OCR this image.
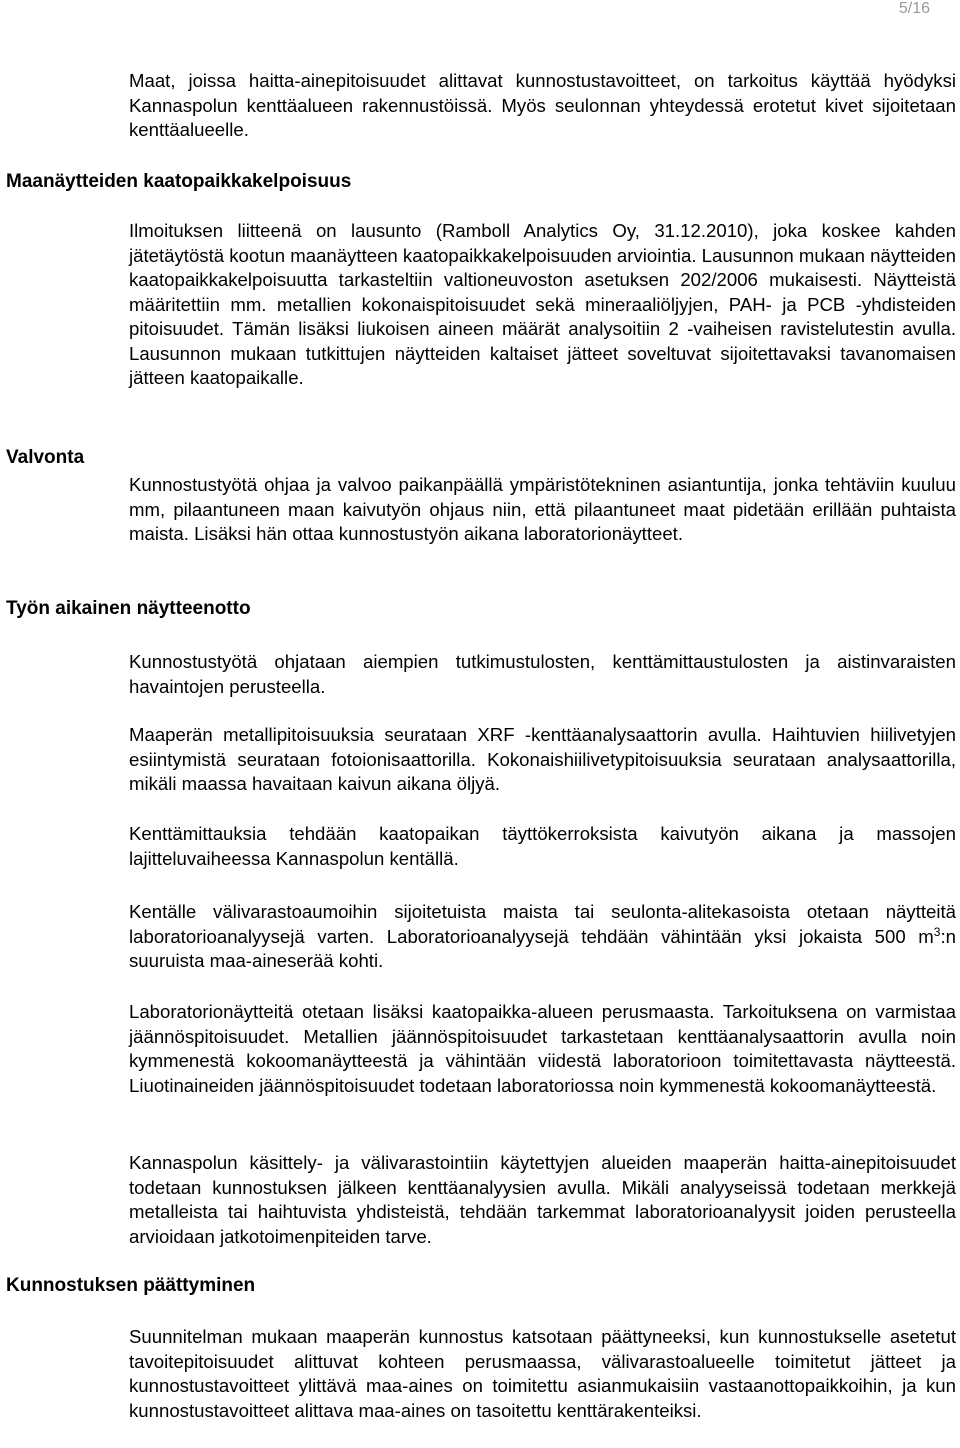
5/16

Maat, joissa haitta-ainepitoisuudet alittavat kunnostustavoitteet, on tarkoitus käyttää hyödyksi Kannaspolun kenttäalueen rakennustöissä. Myös seulonnan yhteydessä erotetut kivet sijoitetaan kenttäalueelle.

Maanäytteiden kaatopaikkakelpoisuus

Ilmoituksen liitteenä on lausunto (Ramboll Analytics Oy, 31.12.2010), joka koskee kahden jätetäytöstä kootun maanäytteen kaatopaikkakelpoisuuden arviointia. Lausunnon mukaan näytteiden kaatopaikkakelpoisuutta tarkasteltiin valtioneuvoston asetuksen 202/2006 mukaisesti. Näytteistä määritettiin mm. metallien kokonaispitoisuudet sekä mineraaliöljyjen, PAH- ja PCB -yhdisteiden pitoisuudet. Tämän lisäksi liukoisen aineen määrät analysoitiin 2 -vaiheisen ravistelutestin avulla. Lausunnon mukaan tutkittujen näytteiden kaltaiset jätteet soveltuvat sijoitettavaksi tavanomaisen jätteen kaatopaikalle.

Valvonta

Kunnostustyötä ohjaa ja valvoo paikanpäällä ympäristötekninen asiantuntija, jonka tehtäviin kuuluu mm, pilaantuneen maan kaivutyön ohjaus niin, että pilaantuneet maat pidetään erillään puhtaista maista. Lisäksi hän ottaa kunnostustyön aikana laboratorionäytteet.

Työn aikainen näytteenotto

Kunnostustyötä ohjataan aiempien tutkimustulosten, kenttämittaustulosten ja aistinvaraisten havaintojen perusteella.

Maaperän metallipitoisuuksia seurataan XRF -kenttäanalysaattorin avulla. Haihtuvien hiilivetyjen esiintymistä seurataan fotoionisaattorilla. Kokonaishiilivetypitoisuuksia seurataan analysaattorilla, mikäli maassa havaitaan kaivun aikana öljyä.

Kenttämittauksia tehdään kaatopaikan täyttökerroksista kaivutyön aikana ja massojen lajitteluvaiheessa Kannaspolun kentällä.

Kentälle välivarastoaumoihin sijoitetuista maista tai seulonta-alitekasoista otetaan näytteitä laboratorioanalyysejä varten. Laboratorioanalyysejä tehdään vähintään yksi jokaista 500 $m^3:n$ suuruista maa-aineserää kohti.

Laboratorionäytteitä otetaan lisäksi kaatopaikka-alueen perusmaasta. Tarkoituksena on varmistaa jäännöspitoisuudet. Metallien jäännöspitoisuudet tarkastetaan kenttäanalysaattorin avulla noin kymmenestä kokoomanäytteestä ja vähintään viidestä laboratorioon toimitettavasta näytteestä. Liuotinaineiden jäännöspitoisuudet todetaan laboratoriossa noin kymmenestä kokoomanäytteestä.

Kannaspolun käsittely- ja välivarastointiin käytettyjen alueiden maaperän haitta-ainepitoisuudet todetaan kunnostuksen jälkeen kenttäanalyysien avulla. Mikäli analyyseissä todetaan merkkejä metalleista tai haihtuvista yhdisteistä, tehdään tarkemmat laboratorioanalyysit joiden perusteella arvioidaan jatkotoimenpiteiden tarve.

Kunnostuksen päättyminen

Suunnitelman mukaan maaperän kunnostus katsotaan päättyneeksi, kun kunnostukselle asetetut tavoitepitoisuudet alittuvat kohteen perusmaassa, välivarastoalueelle toimitetut jätteet ja kunnostustavoitteet ylittävä maa-aines on toimitettu asianmukaisiin vastaanottopaikkoihin, ja kun kunnostustavoitteet alittava maa-aines on tasoitettu kenttärakenteiksi.
